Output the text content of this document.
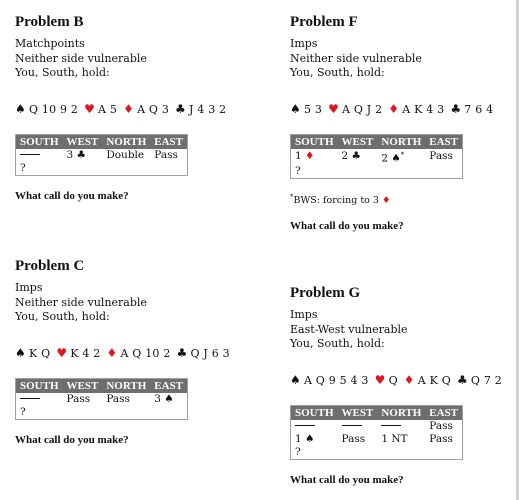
Problem B
Matchpoints
Neither side vulnerable
You, South, hold:
♠ Q 10 9 2 ♥ A 5 ♦ A Q 3 ♣ J 4 3 2
SOUTH	WEST	NORTH	EAST
	3 ♣	Double	Pass
?			
What call do you make?
Problem F
Imps
Neither side vulnerable
You, South, hold:
♠ 5 3 ♥ A Q J 2 ♦ A K 4 3 ♣ 7 6 4
SOUTH	WEST	NORTH	EAST
1 ♦	2 ♣	2 ♠*	Pass
?			
*BWS: forcing to 3 ♦
What call do you make?
Problem C
Imps
Neither side vulnerable
You, South, hold:
♠ K Q ♥ K 4 2 ♦ A Q 10 2 ♣ Q J 6 3
SOUTH	WEST	NORTH	EAST
	Pass	Pass	3 ♠
?			
What call do you make?
Problem G
Imps
East-West vulnerable
You, South, hold:
♠ A Q 9 5 4 3 ♥ Q ♦ A K Q ♣ Q 7 2
SOUTH	WEST	NORTH	EAST
			Pass
1 ♠	Pass	1 NT	Pass
?			
What call do you make?
